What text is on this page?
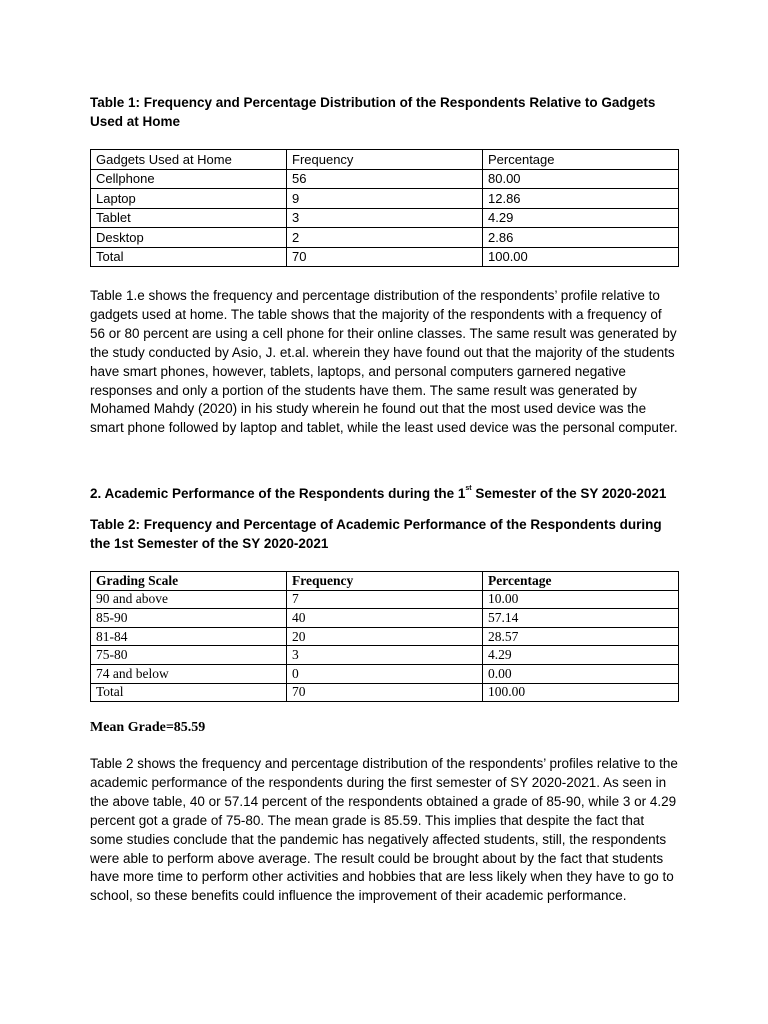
Table 1: Frequency and Percentage Distribution of the Respondents Relative to Gadgets Used at Home

Gadgets Used at Home	Frequency	Percentage
Cellphone	56	80.00
Laptop	9	12.86
Tablet	3	4.29
Desktop	2	2.86
Total	70	100.00

Table 1.e shows the frequency and percentage distribution of the respondents’ profile relative to gadgets used at home. The table shows that the majority of the respondents with a frequency of 56 or 80 percent are using a cell phone for their online classes. The same result was generated by the study conducted by Asio, J. et.al. wherein they have found out that the majority of the students have smart phones, however, tablets, laptops, and personal computers garnered negative responses and only a portion of the students have them. The same result was generated by Mohamed Mahdy (2020) in his study wherein he found out that the most used device was the smart phone followed by laptop and tablet, while the least used device was the personal computer.

2. Academic Performance of the Respondents during the 1st Semester of the SY 2020-2021

Table 2: Frequency and Percentage of Academic Performance of the Respondents during the 1st Semester of the SY 2020-2021

Grading Scale	Frequency	Percentage
90 and above	7	10.00
85-90	40	57.14
81-84	20	28.57
75-80	3	4.29
74 and below	0	0.00
Total	70	100.00

Mean Grade=85.59

Table 2 shows the frequency and percentage distribution of the respondents’ profiles relative to the academic performance of the respondents during the first semester of SY 2020-2021. As seen in the above table, 40 or 57.14 percent of the respondents obtained a grade of 85-90, while 3 or 4.29 percent got a grade of 75-80. The mean grade is 85.59. This implies that despite the fact that some studies conclude that the pandemic has negatively affected students, still, the respondents were able to perform above average. The result could be brought about by the fact that students have more time to perform other activities and hobbies that are less likely when they have to go to school, so these benefits could influence the improvement of their academic performance.
